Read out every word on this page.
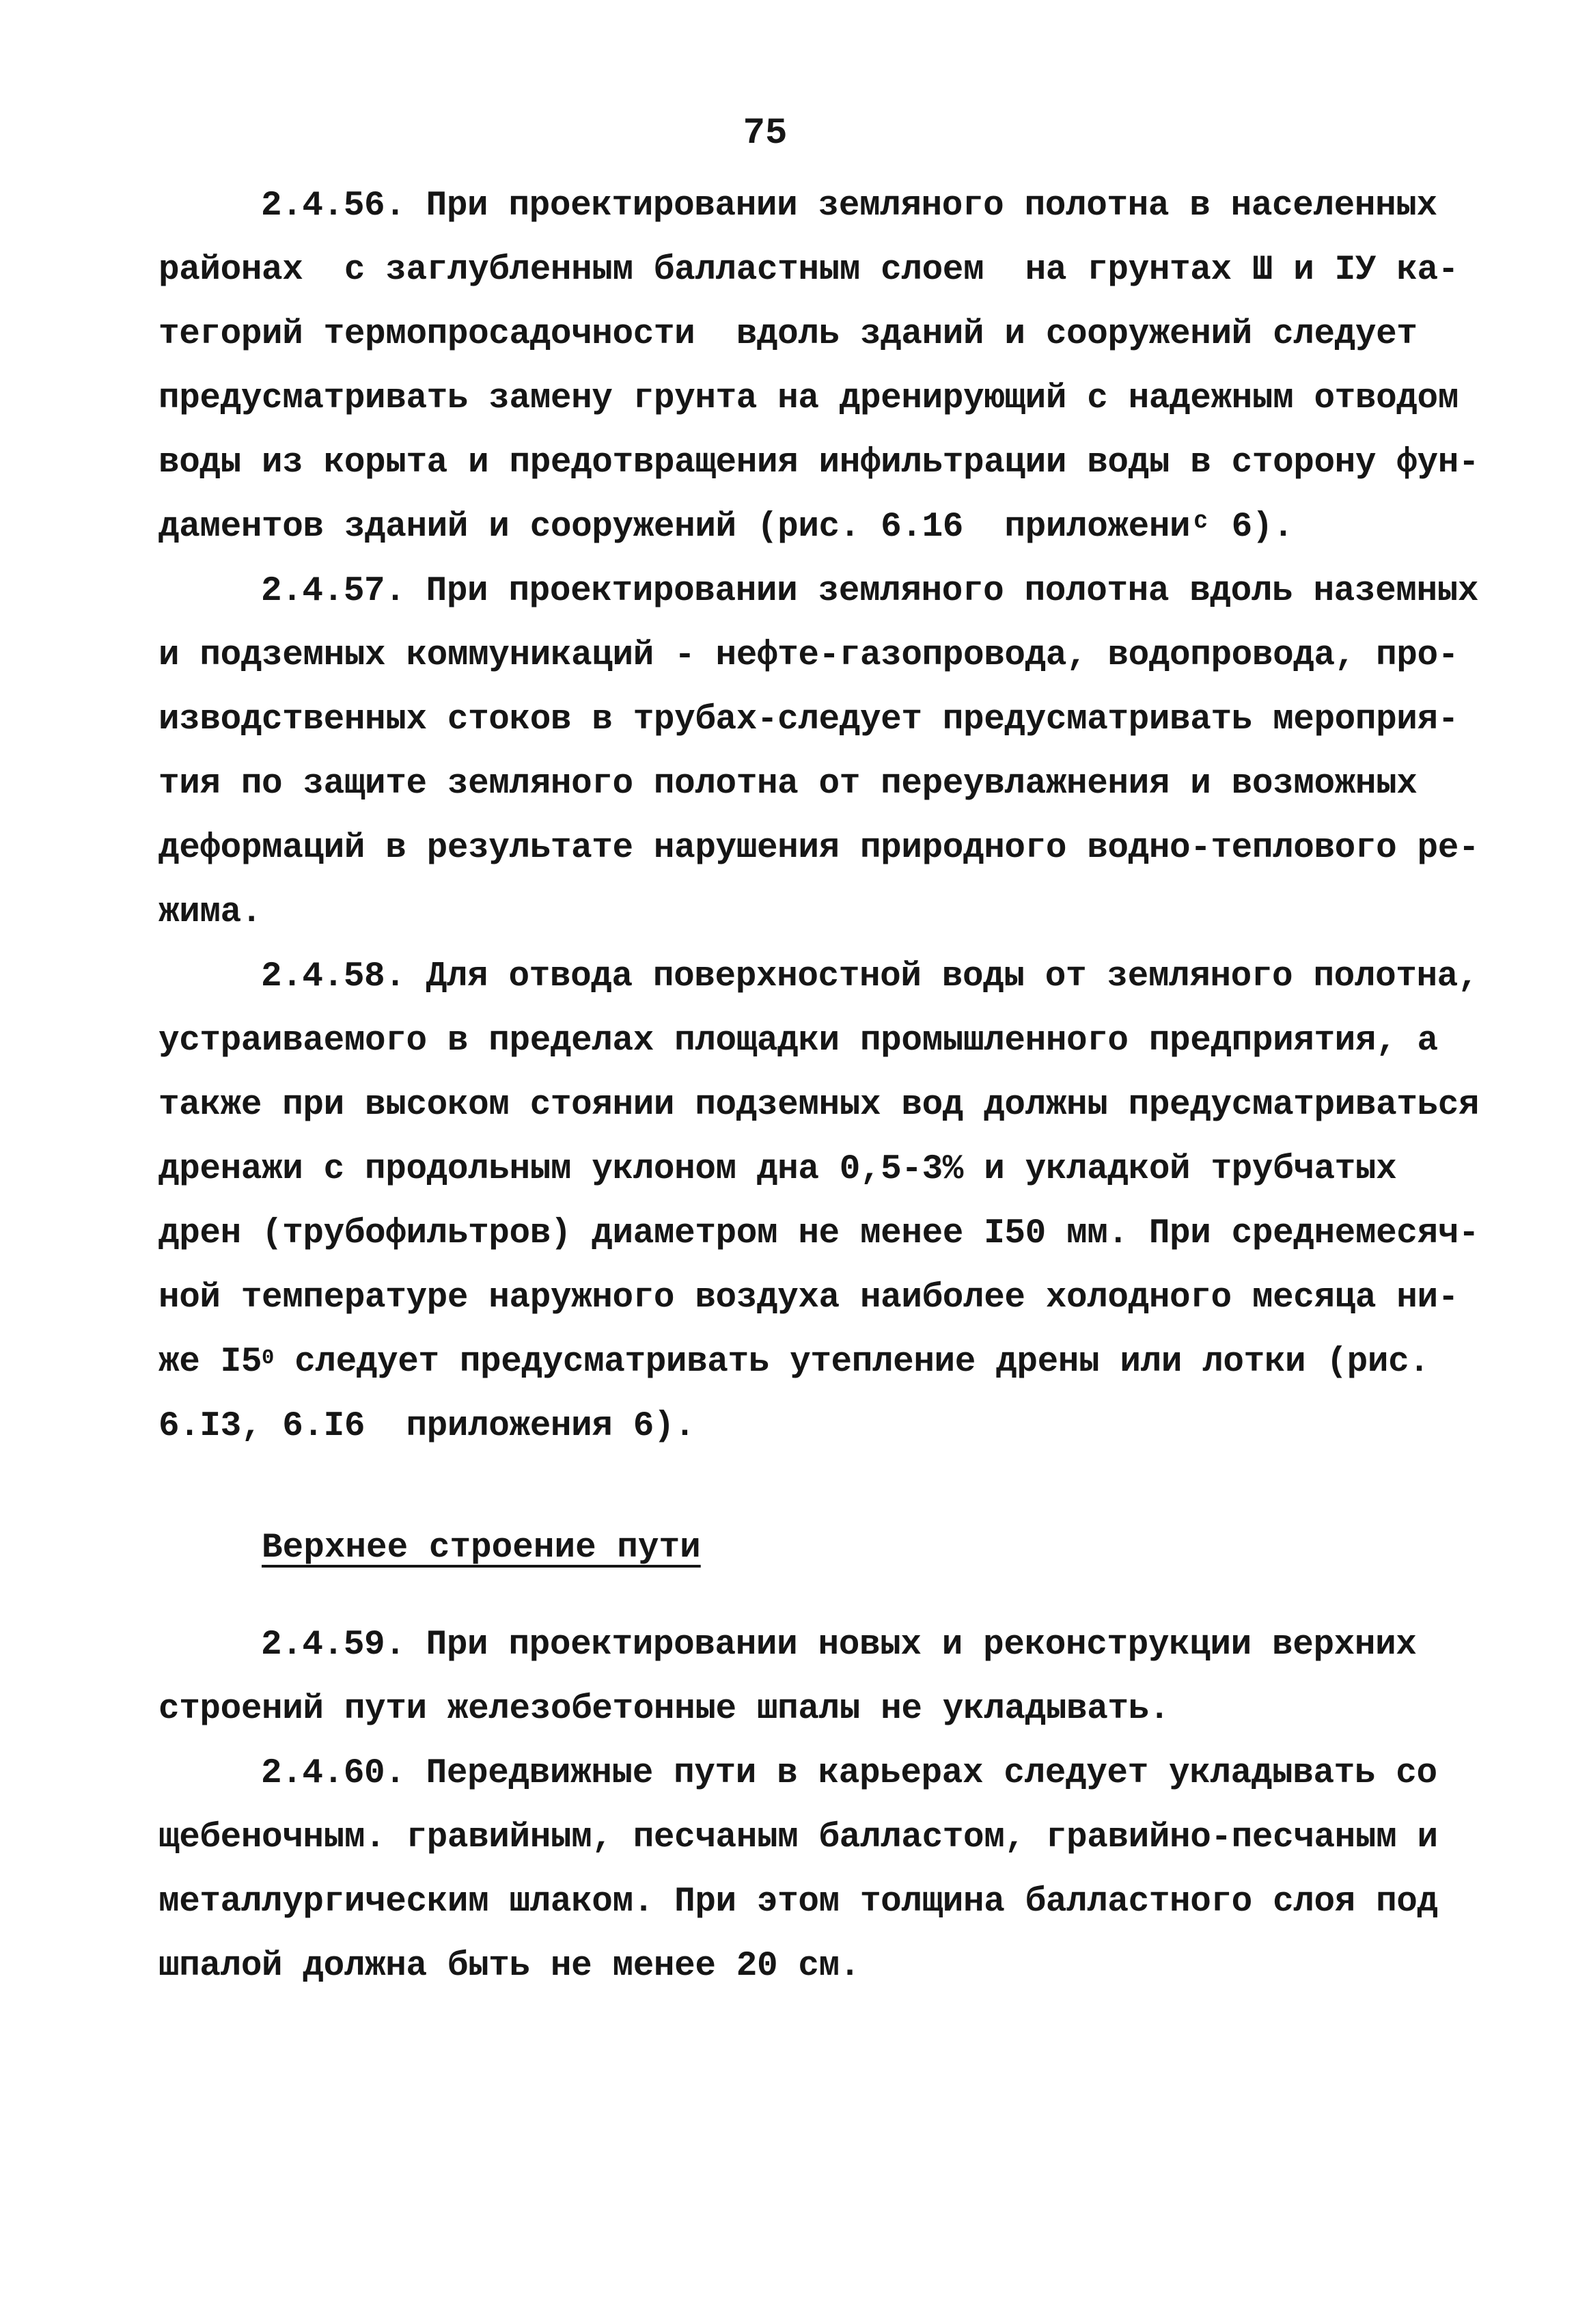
75
2.4.56. При проектировании земляного полотна в населенных
районах  с заглубленным балластным слоем  на грунтах Ш и IУ ка-
тегорий термопросадочности  вдоль зданий и сооружений следует
предусматривать замену грунта на дренирующий с надежным отводом
воды из корыта и предотвращения инфильтрации воды в сторону фун-
даментов зданий и сооружений (рис. 6.16  приложениᶜ 6).
2.4.57. При проектировании земляного полотна вдоль наземных
и подземных коммуникаций - нефте-газопровода, водопровода, про-
изводственных стоков в трубах-следует предусматривать мероприя-
тия по защите земляного полотна от переувлажнения и возможных
деформаций в результате нарушения природного водно-теплового ре-
жима.
2.4.58. Для отвода поверхностной воды от земляного полотна,
устраиваемого в пределах площадки промышленного предприятия, а
также при высоком стоянии подземных вод должны предусматриваться
дренажи с продольным уклоном дна 0,5-3% и укладкой трубчатых
дрен (трубофильтров) диаметром не менее I50 мм. При среднемесяч-
ной температуре наружного воздуха наиболее холодного месяца ни-
же $I5^0$ следует предусматривать утепление дрены или лотки (рис.
6.I3, 6.I6  приложения 6).
Верхнее строение пути
2.4.59. При проектировании новых и реконструкции верхних
строений пути железобетонные шпалы не укладывать.
2.4.60. Передвижные пути в карьерах следует укладывать со
щебеночным. гравийным, песчаным балластом, гравийно-песчаным и
металлургическим шлаком. При этом толщина балластного слоя под
шпалой должна быть не менее 20 см.
